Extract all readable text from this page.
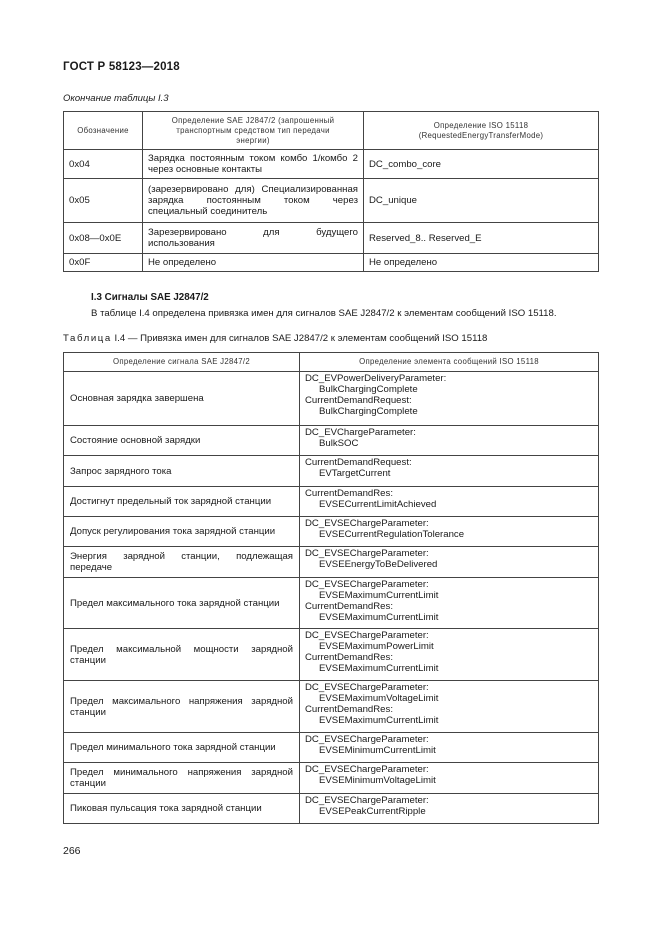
ГОСТ Р 58123—2018
Окончание таблицы I.3
Обозначение	Определение SAE J2847/2 (запрошенный транспортным средством тип передачи энергии)	Определение ISO 15118 (RequestedEnergyTransferMode)
0x04	Зарядка постоянным током комбо 1/комбо 2 через основные контакты	DC_combo_core
0x05	(зарезервировано для) Специализированная зарядка постоянным током через специальный соединитель	DC_unique
0x08—0x0E	Зарезервировано для будущего использования	Reserved_8.. Reserved_E
0x0F	Не определено	Не определено
I.3 Сигналы SAE J2847/2
В таблице I.4 определена привязка имен для сигналов SAE J2847/2 к элементам сообщений ISO 15118.
Таблица I.4 — Привязка имен для сигналов SAE J2847/2 к элементам сообщений ISO 15118
Определение сигнала SAE J2847/2	Определение элемента сообщений ISO 15118
Основная зарядка завершена	DC_EVPowerDeliveryParameter:
BulkChargingComplete
CurrentDemandRequest:
BulkChargingComplete

Состояние основной зарядки	DC_EVChargeParameter:
BulkSOC

Запрос зарядного тока	CurrentDemandRequest:
EVTargetCurrent

Достигнут предельный ток зарядной станции	CurrentDemandRes:
EVSECurrentLimitAchieved

Допуск регулирования тока зарядной станции	DC_EVSEChargeParameter:
EVSECurrentRegulationTolerance

Энергия зарядной станции, подлежащая передаче	DC_EVSEChargeParameter:
EVSEEnergyToBeDelivered

Предел максимального тока зарядной станции	DC_EVSEChargeParameter:
EVSEMaximumCurrentLimit
CurrentDemandRes:
EVSEMaximumCurrentLimit

Предел максимальной мощности зарядной станции	DC_EVSEChargeParameter:
EVSEMaximumPowerLimit
CurrentDemandRes:
EVSEMaximumCurrentLimit

Предел максимального напряжения зарядной станции	DC_EVSEChargeParameter:
EVSEMaximumVoltageLimit
CurrentDemandRes:
EVSEMaximumCurrentLimit

Предел минимального тока зарядной станции	DC_EVSEChargeParameter:
EVSEMinimumCurrentLimit

Предел минимального напряжения зарядной станции	DC_EVSEChargeParameter:
EVSEMinimumVoltageLimit

Пиковая пульсация тока зарядной станции	DC_EVSEChargeParameter:
EVSEPeakCurrentRipple
266
